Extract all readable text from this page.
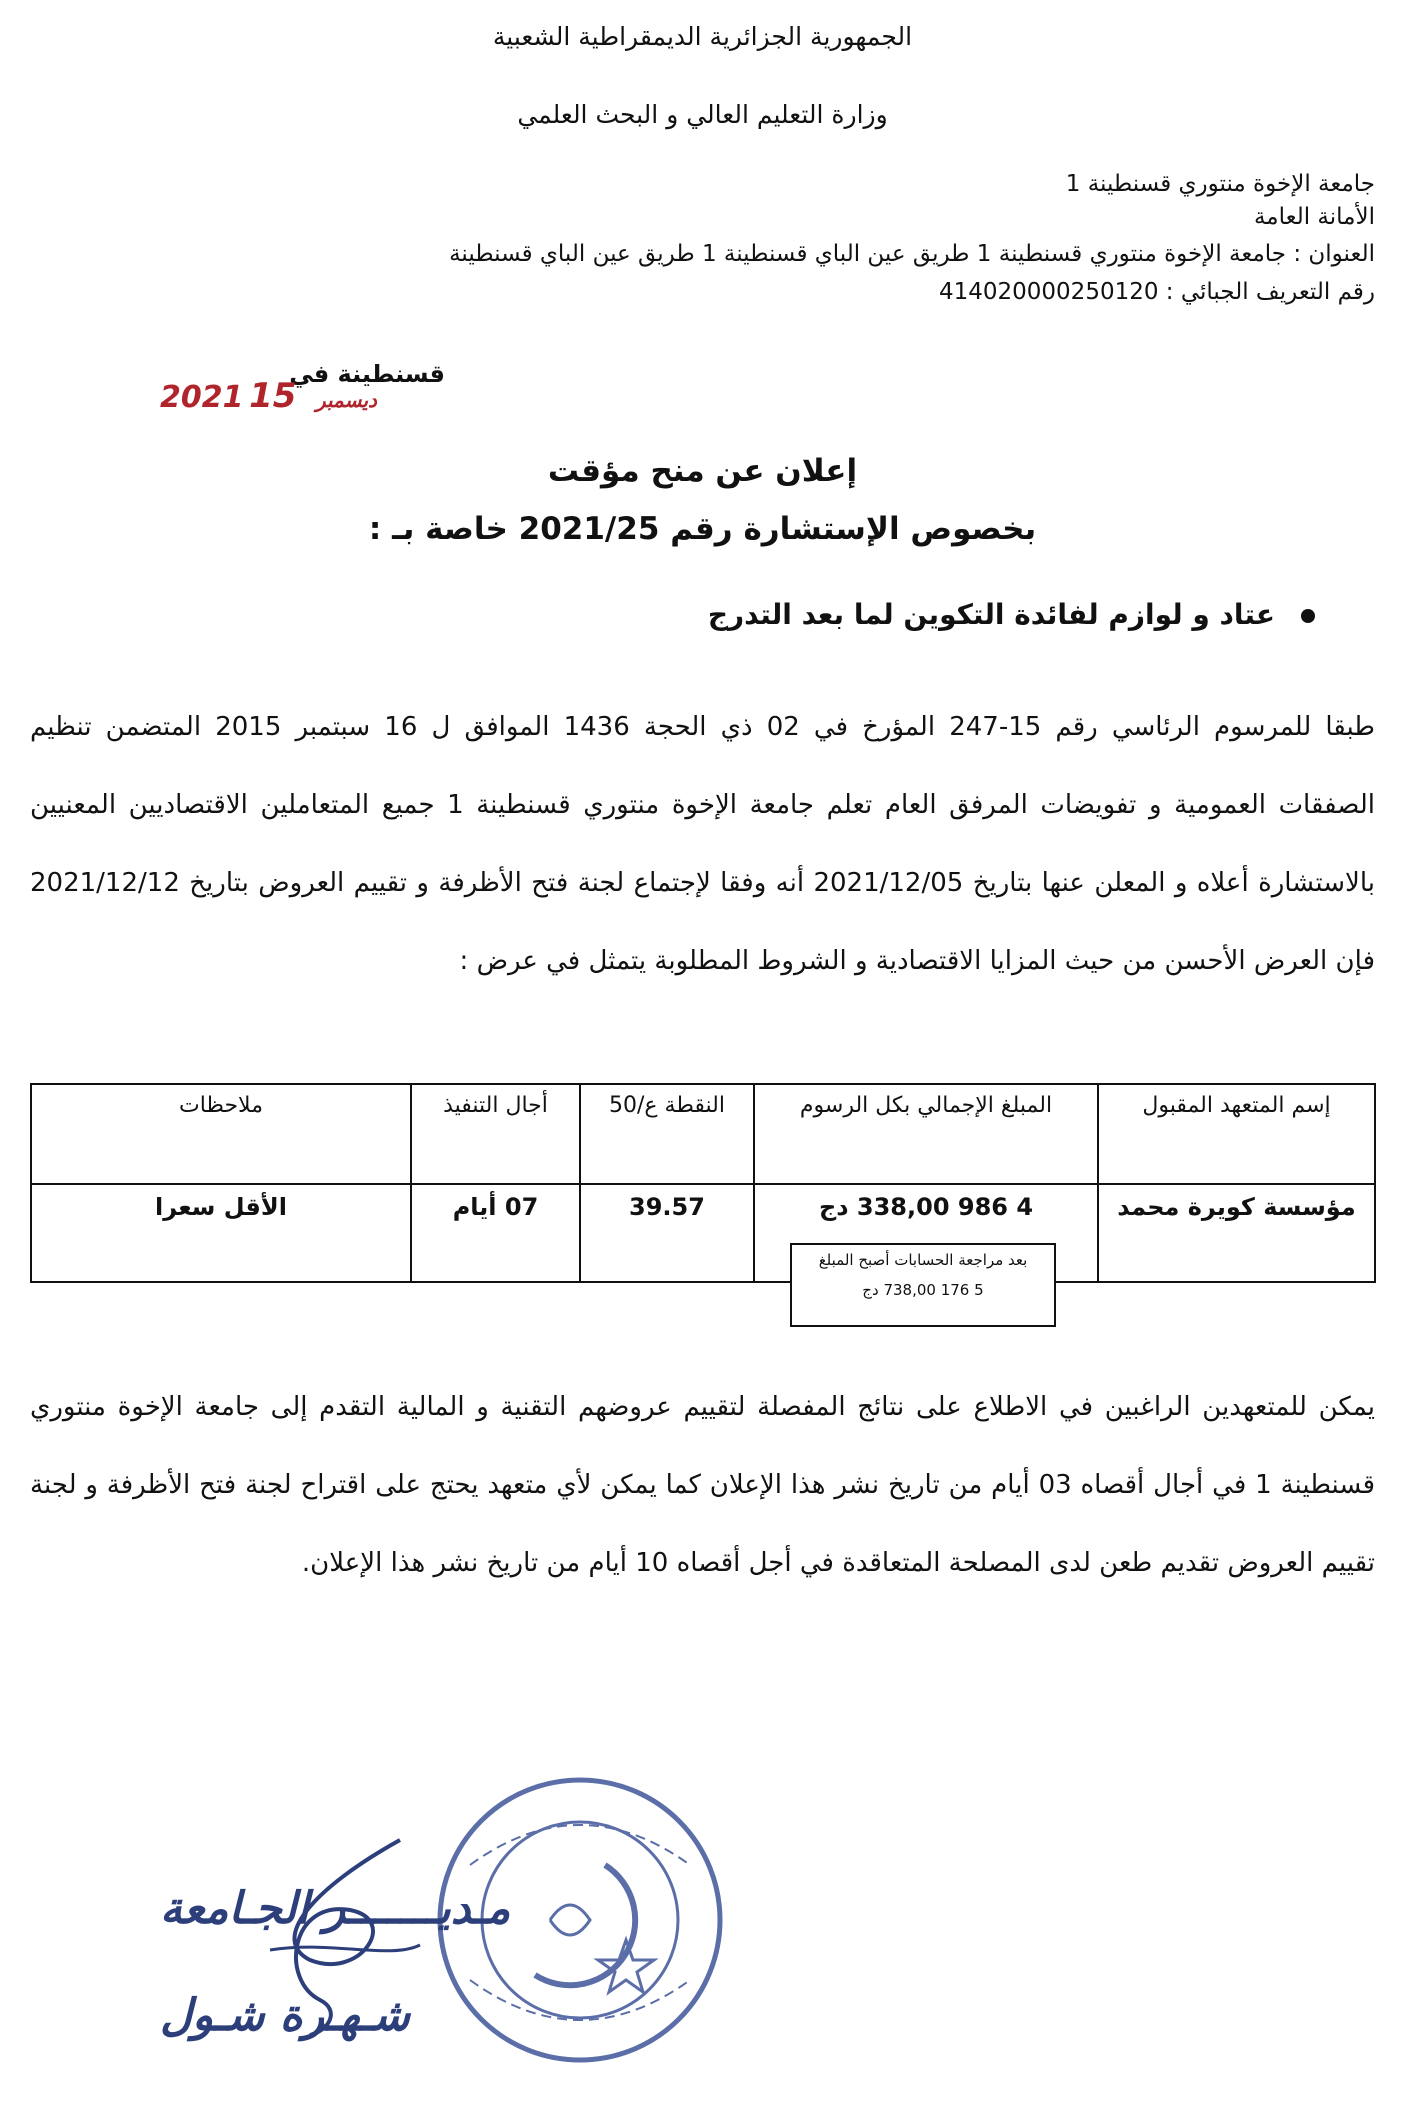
الجمهورية الجزائرية الديمقراطية الشعبية
وزارة التعليم العالي و البحث العلمي
جامعة الإخوة منتوري قسنطينة 1
الأمانة العامة
العنوان : جامعة الإخوة منتوري قسنطينة 1 طريق عين الباي قسنطينة 1 طريق عين الباي قسنطينة
رقم التعريف الجبائي : 414020000250120
قسنطينة في
2021	ديسمبر 15
إعلان عن منح مؤقت
بخصوص الإستشارة رقم 2021/25 خاصة بـ :
عتاد و لوازم لفائدة التكوين لما بعد التدرج
طبقا للمرسوم الرئاسي رقم 15-247 المؤرخ في 02 ذي الحجة 1436 الموافق ل 16 سبتمبر 2015 المتضمن تنظيم الصفقات العمومية و تفويضات المرفق العام تعلم جامعة الإخوة منتوري قسنطينة 1 جميع المتعاملين الاقتصاديين المعنيين بالاستشارة أعلاه و المعلن عنها بتاريخ 2021/12/05 أنه وفقا لإجتماع لجنة فتح الأظرفة و تقييم العروض بتاريخ 2021/12/12 فإن العرض الأحسن من حيث المزايا الاقتصادية و الشروط المطلوبة يتمثل في عرض :
إسم المتعهد المقبول	المبلغ الإجمالي بكل الرسوم	النقطة ع/50	أجال التنفيذ	ملاحظات
مؤسسة كويرة محمد	4 986 338,00 دج	39.57	07 أيام	الأقل سعرا
بعد مراجعة الحسابات أصبح المبلغ
5 176 738,00 دج
يمكن للمتعهدين الراغبين في الاطلاع على نتائج المفصلة لتقييم عروضهم التقنية و المالية التقدم إلى جامعة الإخوة منتوري قسنطينة 1 في أجال أقصاه 03 أيام من تاريخ نشر هذا الإعلان كما يمكن لأي متعهد يحتج على اقتراح لجنة فتح الأظرفة و لجنة تقييم العروض تقديم طعن لدى المصلحة المتعاقدة في أجل أقصاه 10 أيام من تاريخ نشر هذا الإعلان.
مـديـــــــر الجـامعة
شـهـرة شـول
